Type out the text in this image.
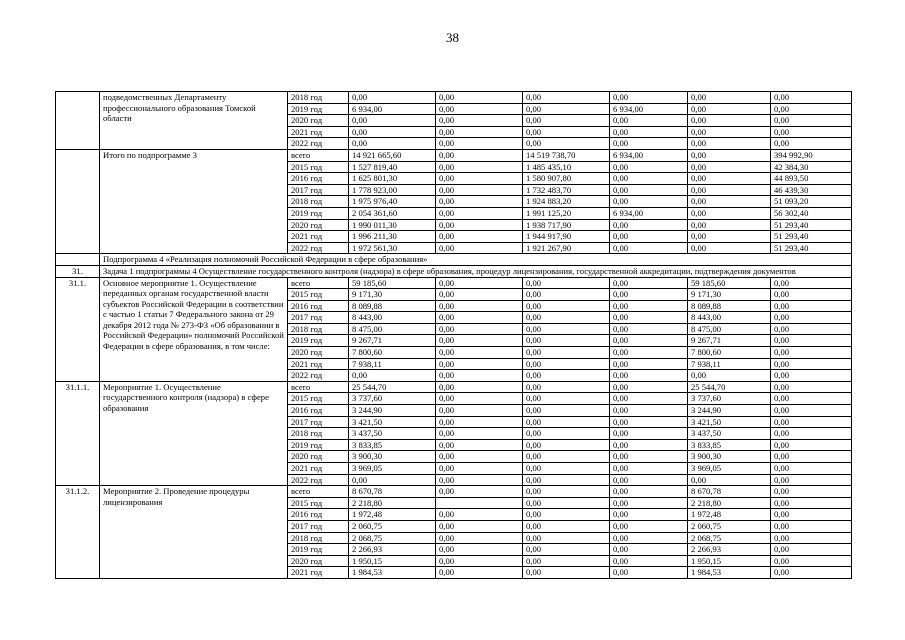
38
	подведомственных Департаменту профессионального образования Томской области	2018 год	0,00	0,00	0,00	0,00	0,00	0,00
		2019 год	6 934,00	0,00	0,00	6 934,00	0,00	0,00
		2020 год	0,00	0,00	0,00	0,00	0,00	0,00
		2021 год	0,00	0,00	0,00	0,00	0,00	0,00
		2022 год	0,00	0,00	0,00	0,00	0,00	0,00
	Итого по подпрограмме 3	всего	14 921 665,60	0,00	14 519 738,70	6 934,00	0,00	394 992,90
		2015 год	1 527 819,40	0,00	1 485 435,10	0,00	0,00	42 384,30
		2016 год	1 625 801,30	0,00	1 580 907,80	0,00	0,00	44 893,50
		2017 год	1 778 923,00	0,00	1 732 483,70	0,00	0,00	46 439,30
		2018 год	1 975 976,40	0,00	1 924 883,20	0,00	0,00	51 093,20
		2019 год	2 054 361,60	0,00	1 991 125,20	6 934,00	0,00	56 302,40
		2020 год	1 990 011,30	0,00	1 938 717,90	0,00	0,00	51 293,40
		2021 год	1 996 211,30	0,00	1 944 917,90	0,00	0,00	51 293,40
		2022 год	1 972 561,30	0,00	1 921 267,90	0,00	0,00	51 293,40
	Подпрограмма 4 «Реализация полномочий Российской Федерации в сфере образования»							
31.	Задача 1 подпрограммы 4 Осуществление государственного контроля (надзора) в сфере образования, процедур лицензирования, государственной аккредитации, подтверждения документов							
31.1.	Основное мероприятие 1. Осуществление переданных органам государственной власти субъектов Российской Федерации в соответствии с частью 1 статьи 7 Федерального закона от 29 декабря 2012 года № 273-ФЗ «Об образовании в Российской Федерации» полномочий Российской Федерации в сфере образования, в том числе:	всего	59 185,60	0,00	0,00	0,00	59 185,60	0,00
		2015 год	9 171,30	0,00	0,00	0,00	9 171,30	0,00
		2016 год	8 089,88	0,00	0,00	0,00	8 089,88	0,00
		2017 год	8 443,00	0,00	0,00	0,00	8 443,00	0,00
		2018 год	8 475,00	0,00	0,00	0,00	8 475,00	0,00
		2019 год	9 267,71	0,00	0,00	0,00	9 267,71	0,00
		2020 год	7 800,60	0,00	0,00	0,00	7 800,60	0,00
		2021 год	7 938,11	0,00	0,00	0,00	7 938,11	0,00
		2022 год	0,00	0,00	0,00	0,00	0,00	0,00
31.1.1.	Мероприятие 1. Осуществление государственного контроля (надзора) в сфере образования	всего	25 544,70	0,00	0,00	0,00	25 544,70	0,00
		2015 год	3 737,60	0,00	0,00	0,00	3 737,60	0,00
		2016 год	3 244,90	0,00	0,00	0,00	3 244,90	0,00
		2017 год	3 421,50	0,00	0,00	0,00	3 421,50	0,00
		2018 год	3 437,50	0,00	0,00	0,00	3 437,50	0,00
		2019 год	3 833,85	0,00	0,00	0,00	3 833,85	0,00
		2020 год	3 900,30	0,00	0,00	0,00	3 900,30	0,00
		2021 год	3 969,05	0,00	0,00	0,00	3 969,05	0,00
		2022 год	0,00	0,00	0,00	0,00	0,00	0,00
31.1.2.	Мероприятие 2. Проведение процедуры лицензирования	всего	8 670,78	0,00	0,00	0,00	8 670,78	0,00
		2015 год	2 218,80		0,00	0,00	2 218,80	0,00
		2016 год	1 972,48	0,00	0,00	0,00	1 972,48	0,00
		2017 год	2 060,75	0,00	0,00	0,00	2 060,75	0,00
		2018 год	2 068,75	0,00	0,00	0,00	2 068,75	0,00
		2019 год	2 266,93	0,00	0,00	0,00	2 266,93	0,00
		2020 год	1 950,15	0,00	0,00	0,00	1 950,15	0,00
		2021 год	1 984,53	0,00	0,00	0,00	1 984,53	0,00
